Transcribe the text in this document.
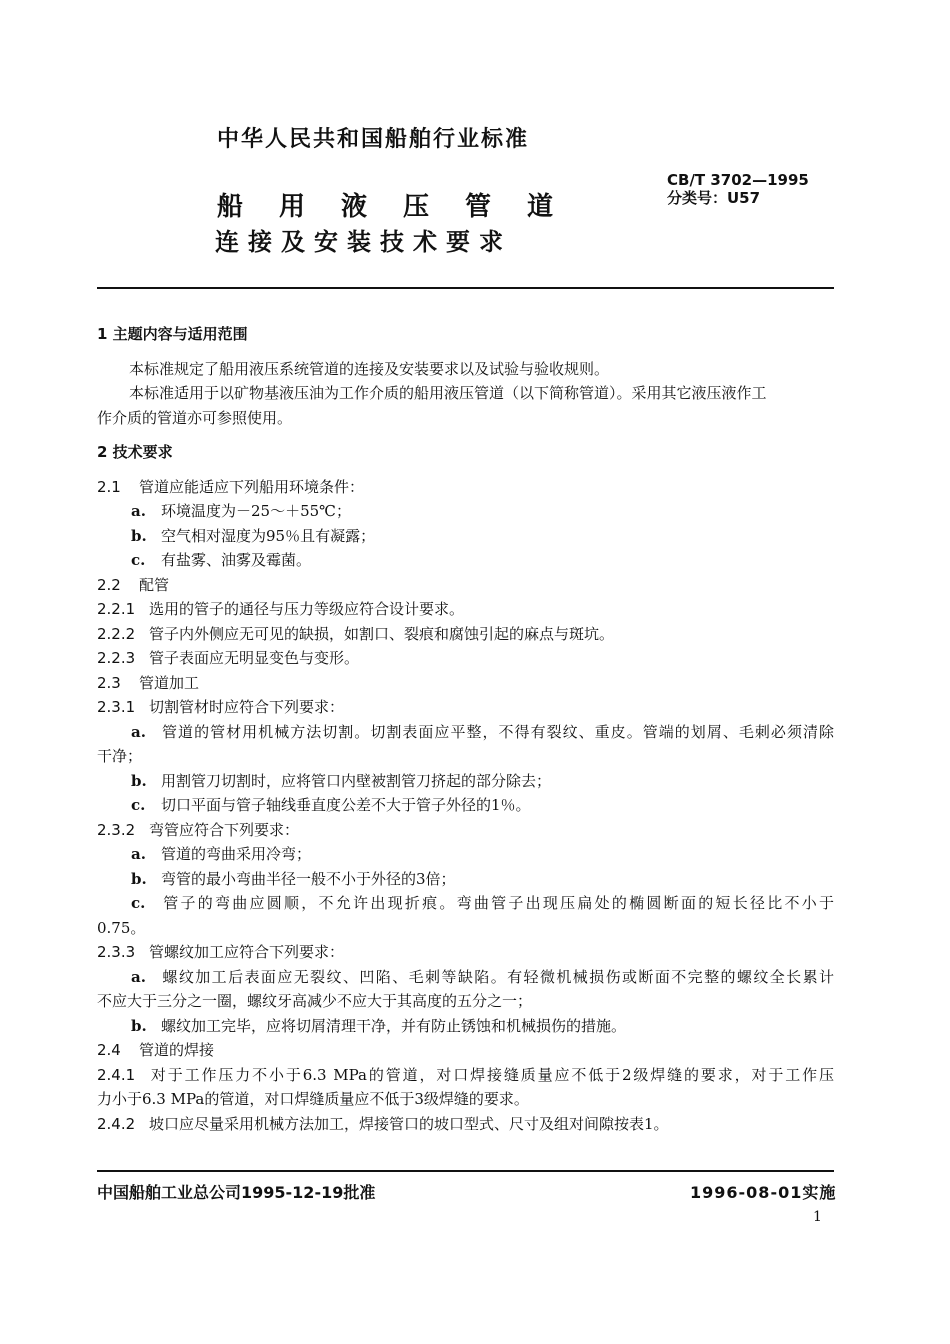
中华人民共和国船舶行业标准
CB/T 3702—1995
分类号：U57
船用液压管道
连接及安装技术要求
1 主题内容与适用范围
本标准规定了船用液压系统管道的连接及安装要求以及试验与验收规则。
本标准适用于以矿物基液压油为工作介质的船用液压管道（以下简称管道）。采用其它液压液作工
作介质的管道亦可参照使用。
2 技术要求
2.1 管道应能适应下列船用环境条件：
a. 环境温度为－25～＋55℃；
b. 空气相对湿度为95％且有凝露；
c. 有盐雾、油雾及霉菌。
2.2 配管
2.2.1 选用的管子的通径与压力等级应符合设计要求。
2.2.2 管子内外侧应无可见的缺损，如割口、裂痕和腐蚀引起的麻点与斑坑。
2.2.3 管子表面应无明显变色与变形。
2.3 管道加工
2.3.1 切割管材时应符合下列要求：
a. 管道的管材用机械方法切割。切割表面应平整，不得有裂纹、重皮。管端的划屑、毛刺必须清除
干净；
b. 用割管刀切割时，应将管口内壁被割管刀挤起的部分除去；
c. 切口平面与管子轴线垂直度公差不大于管子外径的1％。
2.3.2 弯管应符合下列要求：
a. 管道的弯曲采用冷弯；
b. 弯管的最小弯曲半径一般不小于外径的3倍；
c. 管子的弯曲应圆顺，不允许出现折痕。弯曲管子出现压扁处的椭圆断面的短长径比不小于
0.75。
2.3.3 管螺纹加工应符合下列要求：
a. 螺纹加工后表面应无裂纹、凹陷、毛刺等缺陷。有轻微机械损伤或断面不完整的螺纹全长累计
不应大于三分之一圈，螺纹牙高减少不应大于其高度的五分之一；
b. 螺纹加工完毕，应将切屑清理干净，并有防止锈蚀和机械损伤的措施。
2.4 管道的焊接
2.4.1 对于工作压力不小于6.3 MPa的管道，对口焊接缝质量应不低于2级焊缝的要求，对于工作压
力小于6.3 MPa的管道，对口焊缝质量应不低于3级焊缝的要求。
2.4.2 坡口应尽量采用机械方法加工，焊接管口的坡口型式、尺寸及组对间隙按表1。
中国船舶工业总公司1995-12-19批准	1996-08-01实施
1
